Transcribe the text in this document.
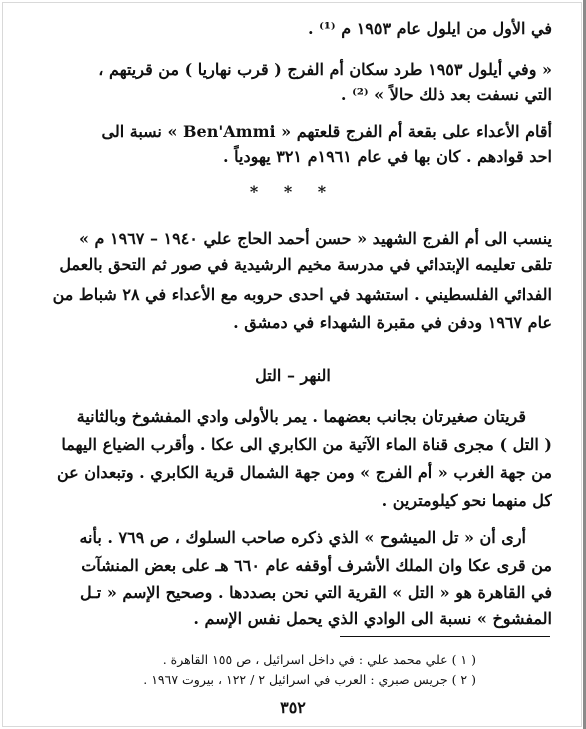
في الأول من ايلول عام ١٩٥٣ م ⁽¹⁾ .
« وفي أيلول ١٩٥٣ طرد سكان أم الفرج ( قرب نهاريا ) من قريتهم ،
التي نسفت بعد ذلك حالاً » ⁽²⁾ .
أقام الأعداء على بقعة أم الفرج قلعتهم « Ben'Ammi » نسبة الى
احد قوادهم . كان بها في عام ١٩٦١م ٣٢١ يهودياً .
* * *
ينسب الى أم الفرج الشهيد « حسن أحمد الحاج علي ١٩٤٠ – ١٩٦٧ م »
تلقى تعليمه الإبتدائي في مدرسة مخيم الرشيدية في صور ثم التحق بالعمل
الفدائي الفلسطيني . استشهد في احدى حروبه مع الأعداء في ٢٨ شباط من
عام ١٩٦٧ ودفن في مقبرة الشهداء في دمشق .
النهر – التل
قريتان صغيرتان بجانب بعضهما . يمر بالأولى وادي المفشوخ وبالثانية
( التل ) مجرى قناة الماء الآتية من الكابري الى عكا . وأقرب الضياع اليهما
من جهة الغرب « أم الفرج » ومن جهة الشمال قرية الكابري . وتبعدان عن
كل منهما نحو كيلومترين .
أرى أن « تل الميشوح » الذي ذكره صاحب السلوك ، ص ٧٦٩ . بأنه
من قرى عكا وان الملك الأشرف أوقفه عام ٦٦٠ هـ على بعض المنشآت
في القاهرة هو « التل » القرية التي نحن بصددها . وصحيح الإسم « تـل
المفشوخ » نسبة الى الوادي الذي يحمل نفس الإسم .
( ١ ) علي محمد علي : في داخل اسرائيل ، ص ١٥٥ القاهرة .
( ٢ ) جريس صبري : العرب في اسرائيل ٢ / ١٢٢ ، بيروت ١٩٦٧ .
٣٥٢
